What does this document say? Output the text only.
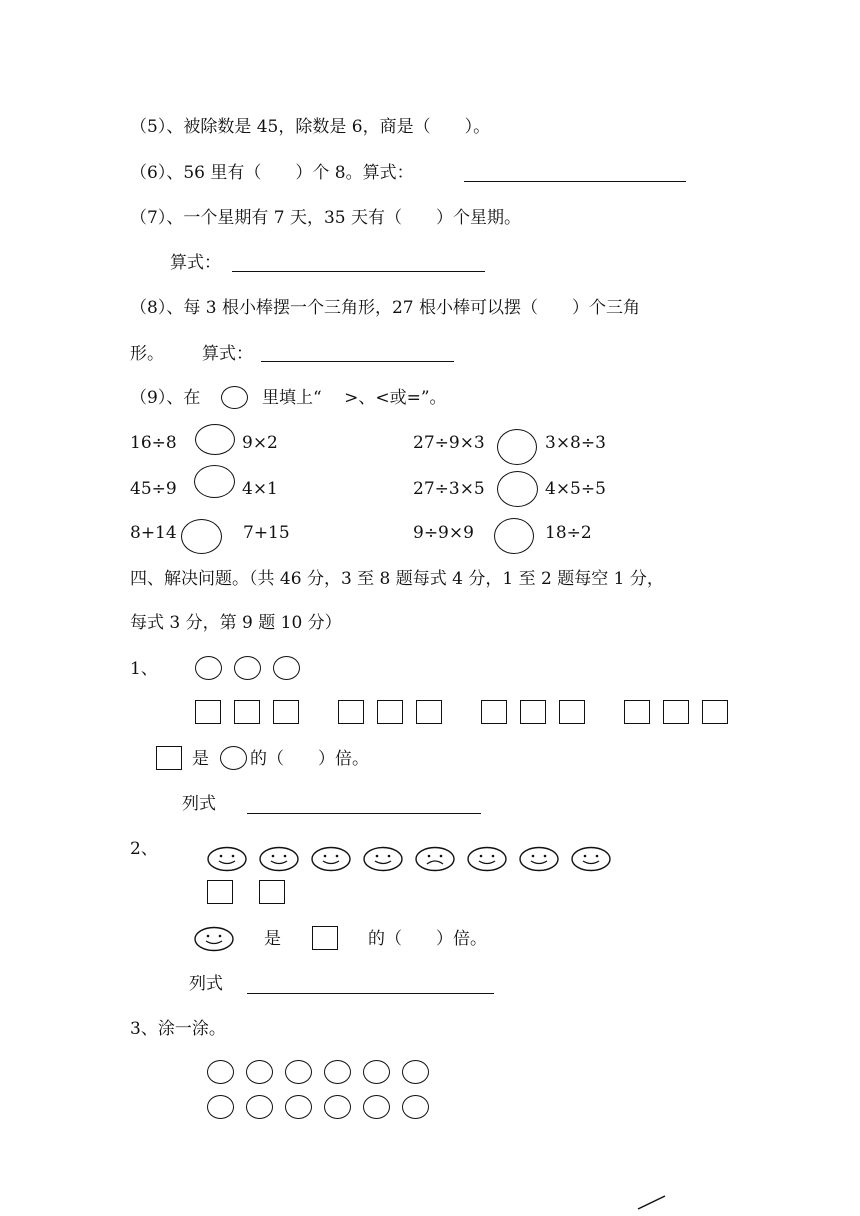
（5）、被除数是 45，除数是 6，商是（　　）。
（6）、56 里有（　　）个 8。算式：
（7）、一个星期有 7 天，35 天有（　　）个星期。
算式：
（8）、每 3 根小棒摆一个三角形，27 根小棒可以摆（　　）个三角
形。 算式：
（9）、在	里填上“　 >、<或=”。
16÷8	9×2	27÷9×3	3×8÷3
45÷9	4×1	27÷3×5	4×5÷5
8+14	7+15	9÷9×9	18÷2
四、解决问题。（共 46 分，3 至 8 题每式 4 分，1 至 2 题每空 1 分，
每式 3 分，第 9 题 10 分）
1、
是 的（　　）倍。
列式
2、
是	的（　　）倍。
列式
3、涂一涂。
